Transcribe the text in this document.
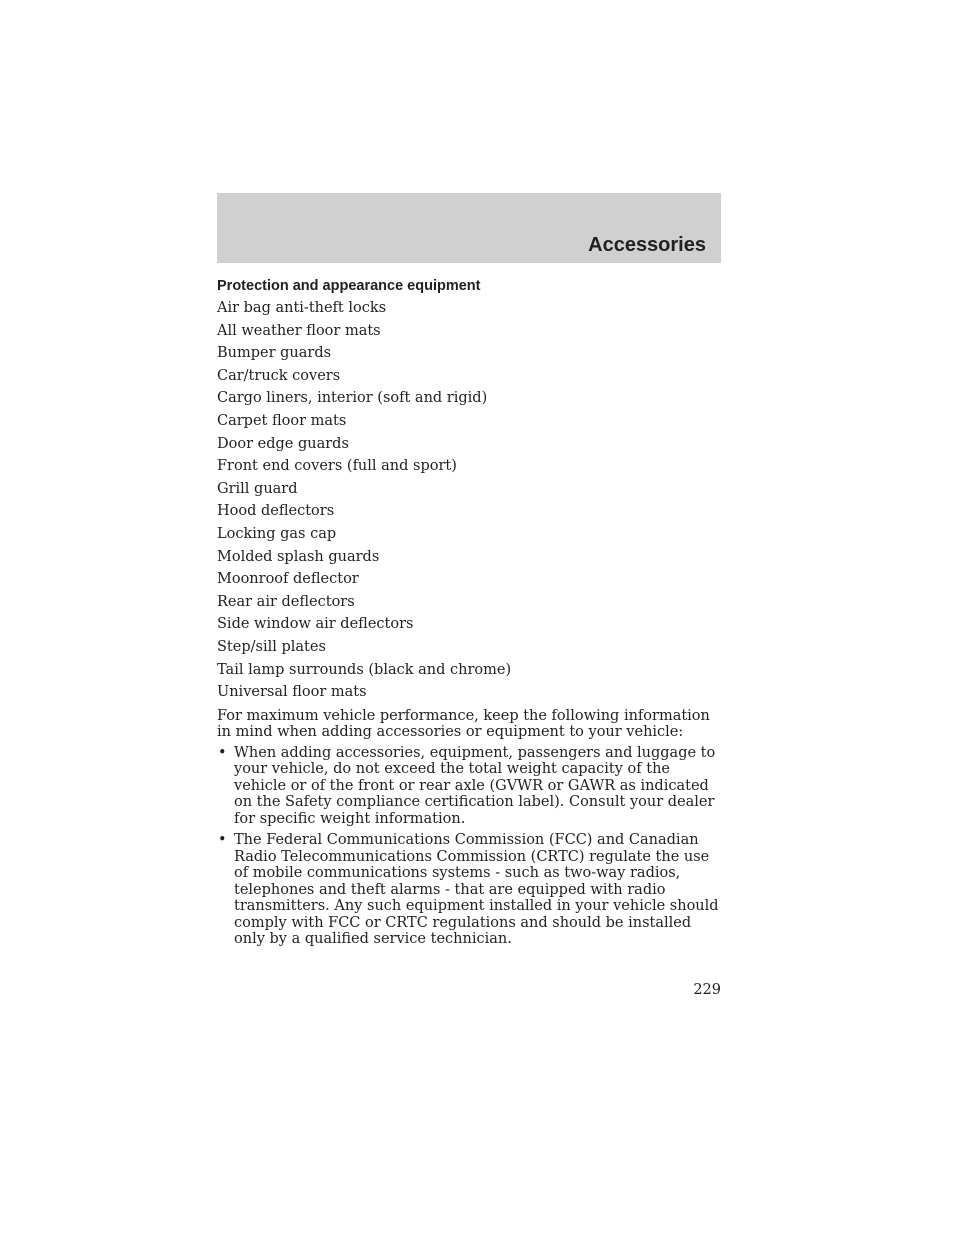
Accessories
Protection and appearance equipment
Air bag anti-theft locks
All weather floor mats
Bumper guards
Car/truck covers
Cargo liners, interior (soft and rigid)
Carpet floor mats
Door edge guards
Front end covers (full and sport)
Grill guard
Hood deflectors
Locking gas cap
Molded splash guards
Moonroof deflector
Rear air deflectors
Side window air deflectors
Step/sill plates
Tail lamp surrounds (black and chrome)
Universal floor mats

For maximum vehicle performance, keep the following information in mind when adding accessories or equipment to your vehicle:

• When adding accessories, equipment, passengers and luggage to your vehicle, do not exceed the total weight capacity of the vehicle or of the front or rear axle (GVWR or GAWR as indicated on the Safety compliance certification label). Consult your dealer for specific weight information.
• The Federal Communications Commission (FCC) and Canadian Radio Telecommunications Commission (CRTC) regulate the use of mobile communications systems - such as two-way radios, telephones and theft alarms - that are equipped with radio transmitters. Any such equipment installed in your vehicle should comply with FCC or CRTC regulations and should be installed only by a qualified service technician.
229
